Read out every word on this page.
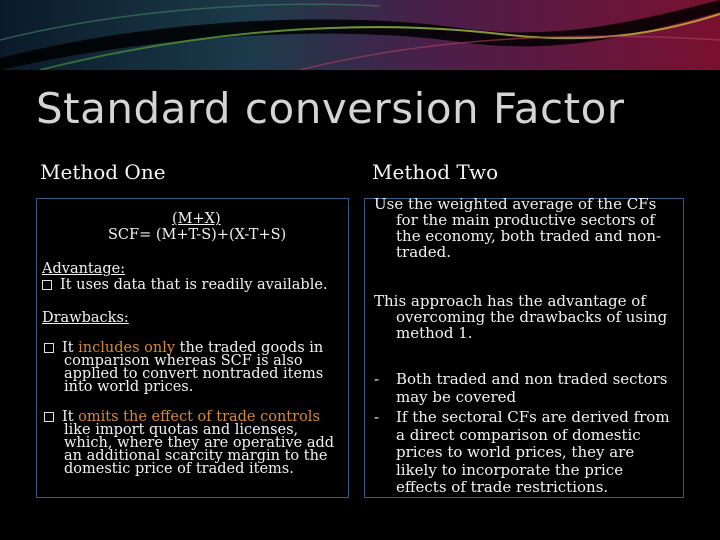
Standard conversion Factor
Method One	Method Two
(M+X)
SCF= (M+T-S)+(X-T+S)
Advantage:
It uses data that is readily available.
Drawbacks:
It includes only the traded goods in
comparison whereas SCF is also
applied to convert nontraded items
into world prices.
It omits the effect of trade controls
like import quotas and licenses,
which, where they are operative add
an additional scarcity margin to the
domestic price of traded items.
Use the weighted average of the CFs
for the main productive sectors of
the economy, both traded and non-
traded.
This approach has the advantage of
overcoming the drawbacks of using
method 1.
- Both traded and non traded sectors
may be covered
- If the sectoral CFs are derived from
a direct comparison of domestic
prices to world prices, they are
likely to incorporate the price
effects of trade restrictions.
